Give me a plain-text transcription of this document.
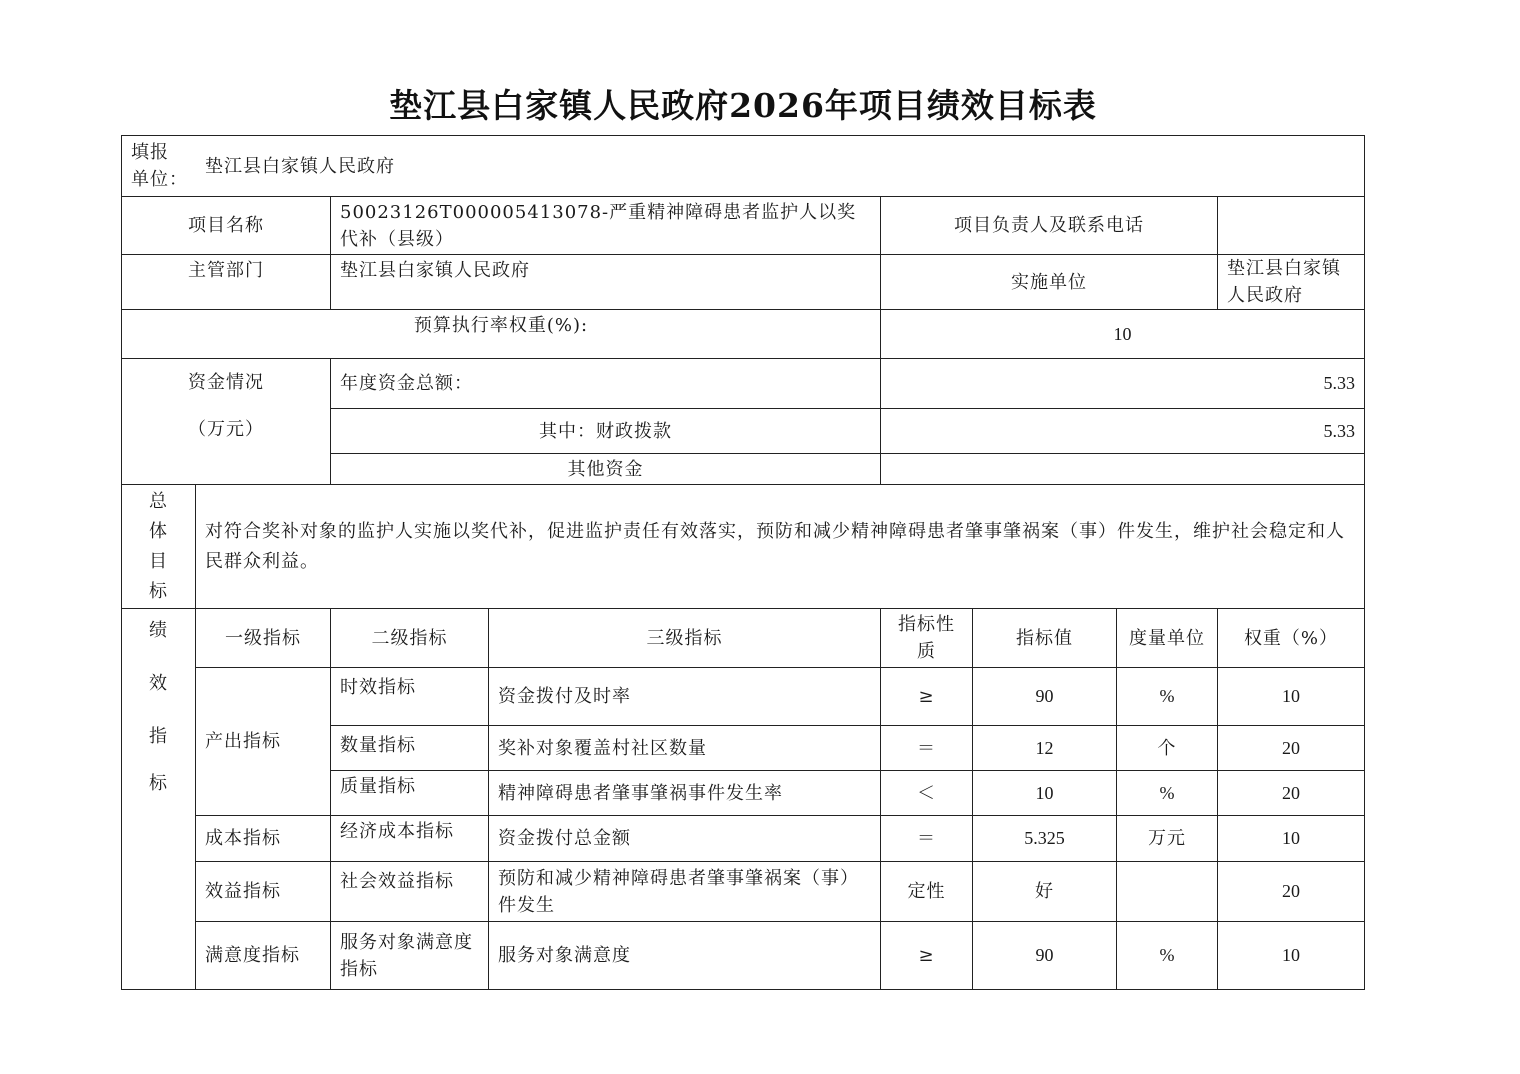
垫江县白家镇人民政府2026年项目绩效目标表
填报
单位：
垫江县白家镇人民政府							

项目名称		50023126T000005413078-严重精神障碍患者监护人以奖代补（县级）		项目负责人及联系电话			
主管部门		垫江县白家镇人民政府		实施单位			垫江县白家镇人民政府
预算执行率权重(%):				10			

资金情况
（万元）		年度资金总额：		5.33			
		其中：财政拨款		5.33			
		其他资金					

总
体
目
标	对符合奖补对象的监护人实施以奖代补，促进监护责任有效落实，预防和减少精神障碍患者肇事肇祸案（事）件发生，维护社会稳定和人民群众利益。						

绩
效
指
标	一级指标	二级指标	三级指标	指标性质	指标值	度量单位	权重（%）
	产出指标	时效指标	资金拨付及时率	≥	90	%	10
		数量指标	奖补对象覆盖村社区数量	＝	12	个	20
		质量指标	精神障碍患者肇事肇祸事件发生率	＜	10	%	20
	成本指标	经济成本指标	资金拨付总金额	＝	5.325	万元	10
	效益指标	社会效益指标	预防和减少精神障碍患者肇事肇祸案（事）件发生	定性	好		20
	满意度指标	服务对象满意度指标	服务对象满意度	≥	90	%	10
